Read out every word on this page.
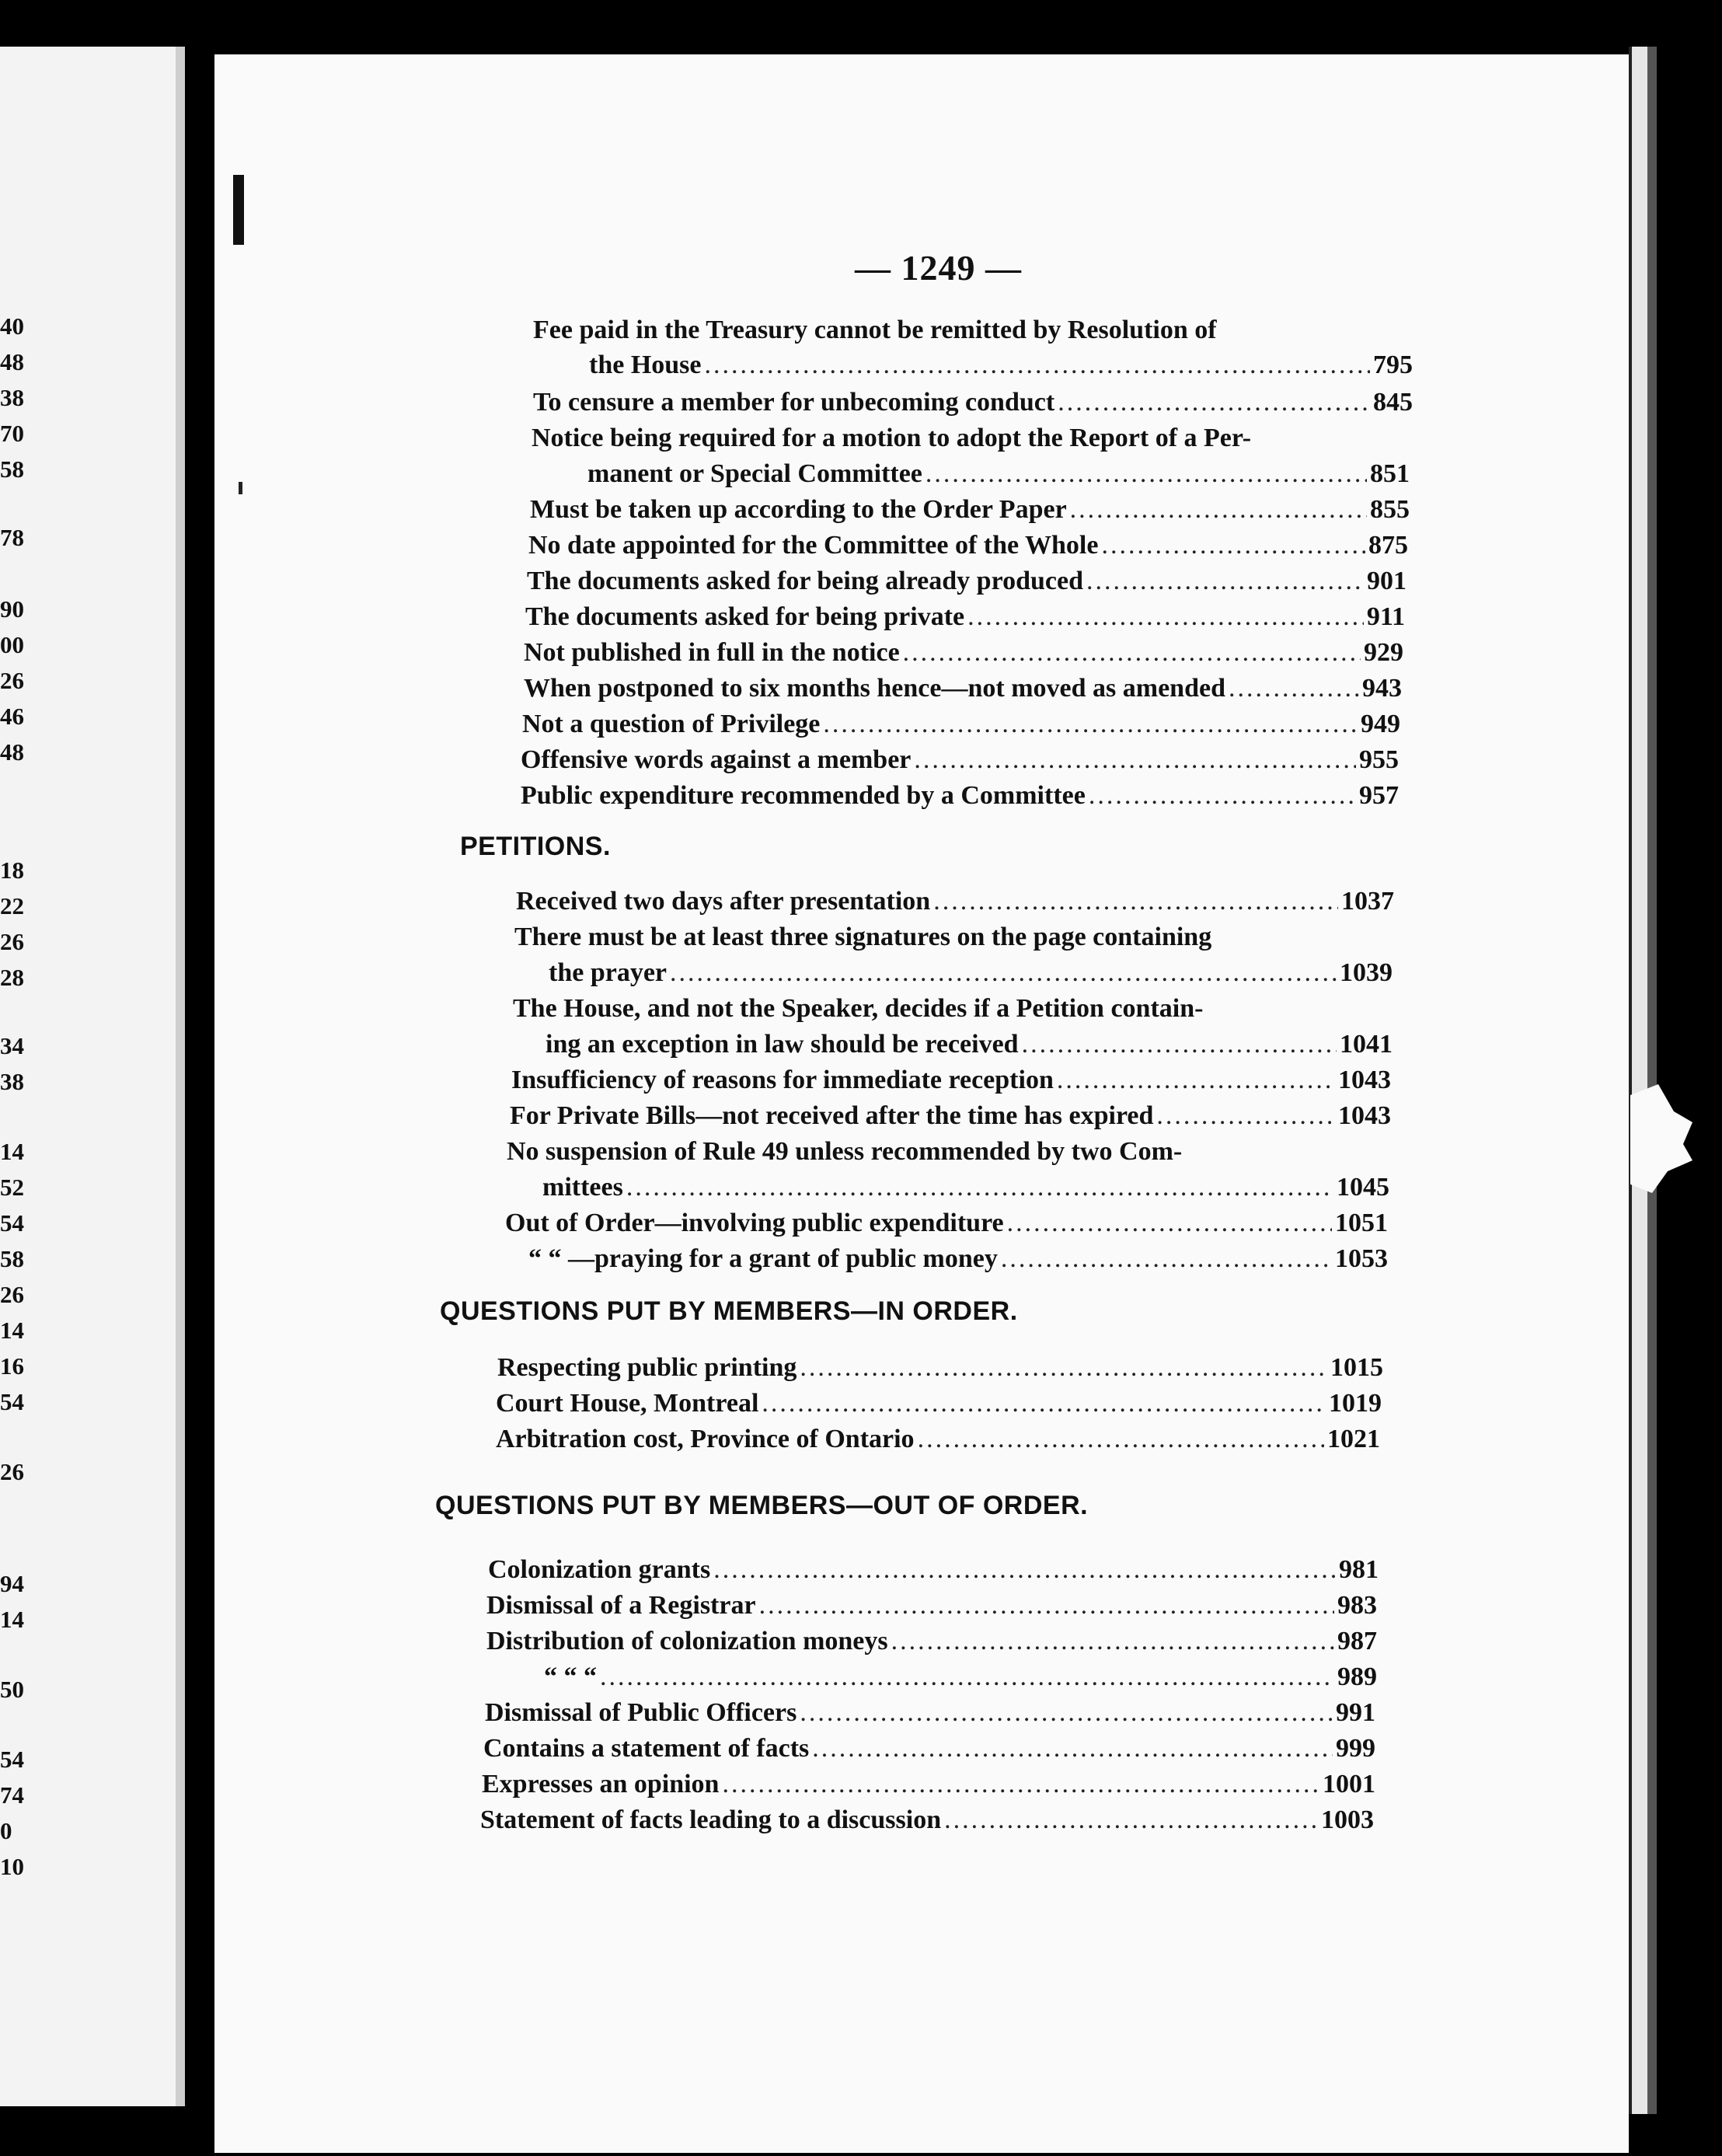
40
48
38
70
58
78
90
00
26
46
48
18
22
26
28
34
38
14
52
54
58
26
14
16
54
26
94
14
50
54
74
0
10
— 1249 —
Fee paid in the Treasury cannot be remitted by Resolution of
the House .....	795
To censure a member for unbecoming conduct .....	845
Notice being required for a motion to adopt the Report of a Per-
manent or Special Committee .....	851
Must be taken up according to the Order Paper .....	855
No date appointed for the Committee of the Whole .....	875
The documents asked for being already produced .....	901
The documents asked for being private .....	911
Not published in full in the notice .....	929
When postponed to six months hence—not moved as amended .....	943
Not a question of Privilege .....	949
Offensive words against a member .....	955
Public expenditure recommended by a Committee .....	957
PETITIONS.
Received two days after presentation .....	1037
There must be at least three signatures on the page containing
the prayer .....	1039
The House, and not the Speaker, decides if a Petition contain-
ing an exception in law should be received .....	1041
Insufficiency of reasons for immediate reception .....	1043
For Private Bills—not received after the time has expired .....	1043
No suspension of Rule 49 unless recommended by two Com-
mittees .....	1045
Out of Order—involving public expenditure .....	1051
“ “ —praying for a grant of public money .....	1053
QUESTIONS PUT BY MEMBERS—IN ORDER.
Respecting public printing .....	1015
Court House, Montreal .....	1019
Arbitration cost, Province of Ontario .....	1021
QUESTIONS PUT BY MEMBERS—OUT OF ORDER.
Colonization grants .....	981
Dismissal of a Registrar .....	983
Distribution of colonization moneys .....	987
“ “ “ .....	989
Dismissal of Public Officers .....	991
Contains a statement of facts .....	999
Expresses an opinion .....	1001
Statement of facts leading to a discussion .....	1003
